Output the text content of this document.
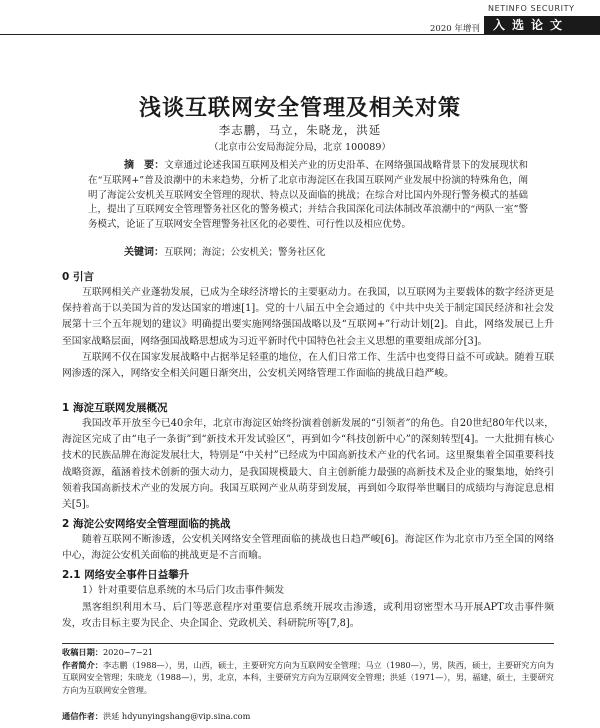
NETINFO SECURITY
2020 年增刊	入选论文
浅谈互联网安全管理及相关对策
李志鹏，马立，朱晓龙，洪延
（北京市公安局海淀分局，北京 100089）
摘　要：文章通过论述我国互联网及相关产业的历史沿革、在网络强国战略背景下的发展现状和在“互联网+”普及浪潮中的未来趋势，分析了北京市海淀区在我国互联网产业发展中扮演的特殊角色，阐明了海淀公安机关互联网安全管理的现状、特点以及面临的挑战；在综合对比国内外现行警务模式的基础上，提出了互联网安全管理警务社区化的警务模式；并结合我国深化司法体制改革浪潮中的“两队一室”警务模式，论证了互联网安全管理警务社区化的必要性、可行性以及相应优势。
关键词：互联网；海淀；公安机关；警务社区化
0 引言
互联网相关产业蓬勃发展，已成为全球经济增长的主要驱动力。在我国，以互联网为主要载体的数字经济更是保持着高于以美国为首的发达国家的增速[1]。党的十八届五中全会通过的《中共中央关于制定国民经济和社会发展第十三个五年规划的建议》明确提出要实施网络强国战略以及“互联网+”行动计划[2]。自此，网络发展已上升至国家战略层面，网络强国战略思想成为习近平新时代中国特色社会主义思想的重要组成部分[3]。
互联网不仅在国家发展战略中占据举足轻重的地位，在人们日常工作、生活中也变得日益不可或缺。随着互联网渗透的深入，网络安全相关问题日渐突出，公安机关网络管理工作面临的挑战日趋严峻。
1 海淀互联网发展概况
我国改革开放至今已40余年，北京市海淀区始终扮演着创新发展的“引领者”的角色。自20世纪80年代以来，海淀区完成了由“电子一条街”到“新技术开发试验区”，再到如今“科技创新中心”的深刻转型[4]。一大批拥有核心技术的民族品牌在海淀发展壮大，特别是“中关村”已经成为中国高新技术产业的代名词。这里聚集着全国重要科技战略资源，蕴涵着技术创新的强大动力，是我国规模最大、自主创新能力最强的高新技术及企业的聚集地，始终引领着我国高新技术产业的发展方向。我国互联网产业从萌芽到发展，再到如今取得举世瞩目的成绩均与海淀息息相关[5]。
2 海淀公安网络安全管理面临的挑战
随着互联网不断渗透，公安机关网络安全管理面临的挑战也日趋严峻[6]。海淀区作为北京市乃至全国的网络中心，海淀公安机关面临的挑战更是不言而喻。
2.1 网络安全事件日益攀升
1）针对重要信息系统的木马后门攻击事件频发
黑客组织利用木马、后门等恶意程序对重要信息系统开展攻击渗透，或利用窃密型木马开展APT攻击事件频发，攻击目标主要为民企、央企国企、党政机关、科研院所等[7,8]。
收稿日期：2020−7−21
作者简介：李志鹏（1988—），男，山西，硕士，主要研究方向为互联网安全管理；马立（1980—），男，陕西，硕士，主要研究方向为互联网安全管理；朱晓龙（1988—），男，北京，本科，主要研究方向为互联网安全管理；洪延（1971—），男，福建，硕士，主要研究方向为互联网安全管理。
通信作者：洪延 hdyunyingshang@vip.sina.com
